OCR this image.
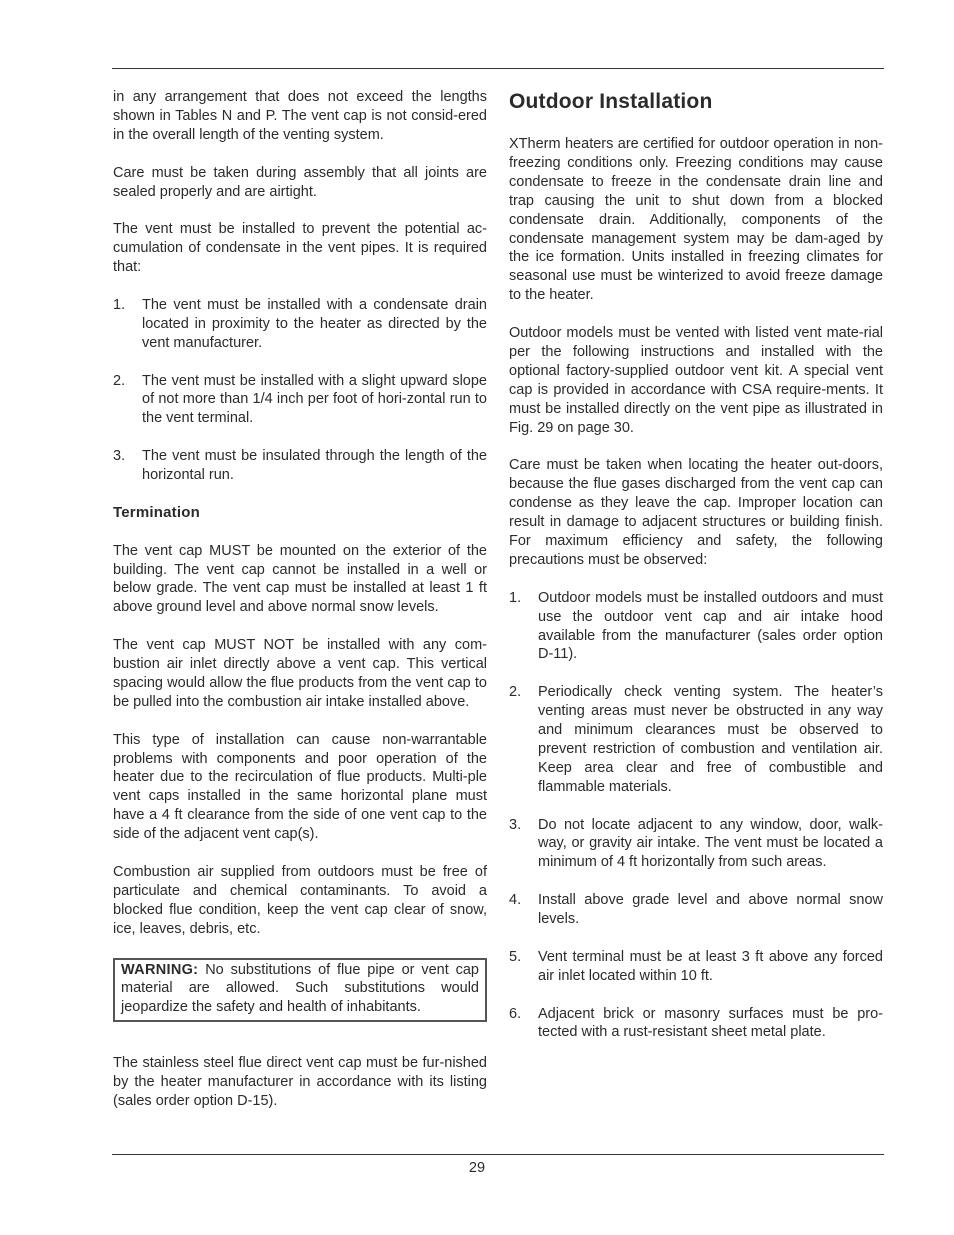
in any arrangement that does not exceed the lengths shown in Tables N and P. The vent cap is not consid-ered in the overall length of the venting system.

Care must be taken during assembly that all joints are sealed properly and are airtight.

The vent must be installed to prevent the potential ac-cumulation of condensate in the vent pipes. It is required that:

1.	The vent must be installed with a condensate drain located in proximity to the heater as directed by the vent manufacturer.
2.	The vent must be installed with a slight upward slope of not more than 1/4 inch per foot of hori-zontal run to the vent terminal.
3.	The vent must be insulated through the length of the horizontal run.
Termination

The vent cap MUST be mounted on the exterior of the building. The vent cap cannot be installed in a well or below grade. The vent cap must be installed at least 1 ft above ground level and above normal snow levels.

The vent cap MUST NOT be installed with any com-bustion air inlet directly above a vent cap. This vertical spacing would allow the flue products from the vent cap to be pulled into the combustion air intake installed above.

This type of installation can cause non-warrantable problems with components and poor operation of the heater due to the recirculation of flue products. Multi-ple vent caps installed in the same horizontal plane must have a 4 ft clearance from the side of one vent cap to the side of the adjacent vent cap(s).

Combustion air supplied from outdoors must be free of particulate and chemical contaminants. To avoid a blocked flue condition, keep the vent cap clear of snow, ice, leaves, debris, etc.

WARNING: No substitutions of flue pipe or vent cap material are allowed. Such substitutions would jeopardize the safety and health of inhabitants.

The stainless steel flue direct vent cap must be fur-nished by the heater manufacturer in accordance with its listing (sales order option D-15).

Outdoor Installation

XTherm heaters are certified for outdoor operation in non-freezing conditions only. Freezing conditions may cause condensate to freeze in the condensate drain line and trap causing the unit to shut down from a blocked condensate drain. Additionally, components of the condensate management system may be dam-aged by the ice formation. Units installed in freezing climates for seasonal use must be winterized to avoid freeze damage to the heater.

Outdoor models must be vented with listed vent mate-rial per the following instructions and installed with the optional factory-supplied outdoor vent kit. A special vent cap is provided in accordance with CSA require-ments. It must be installed directly on the vent pipe as illustrated in Fig. 29 on page 30.

Care must be taken when locating the heater out-doors, because the flue gases discharged from the vent cap can condense as they leave the cap. Improper location can result in damage to adjacent structures or building finish. For maximum efficiency and safety, the following precautions must be observed:

1.	Outdoor models must be installed outdoors and must use the outdoor vent cap and air intake hood available from the manufacturer (sales order option D-11).
2.	Periodically check venting system. The heater’s venting areas must never be obstructed in any way and minimum clearances must be observed to prevent restriction of combustion and ventilation air. Keep area clear and free of combustible and flammable materials.
3.	Do not locate adjacent to any window, door, walk-way, or gravity air intake. The vent must be located a minimum of 4 ft horizontally from such areas.
4.	Install above grade level and above normal snow levels.
5.	Vent terminal must be at least 3 ft above any forced air inlet located within 10 ft.
6.	Adjacent brick or masonry surfaces must be pro-tected with a rust-resistant sheet metal plate.
29
